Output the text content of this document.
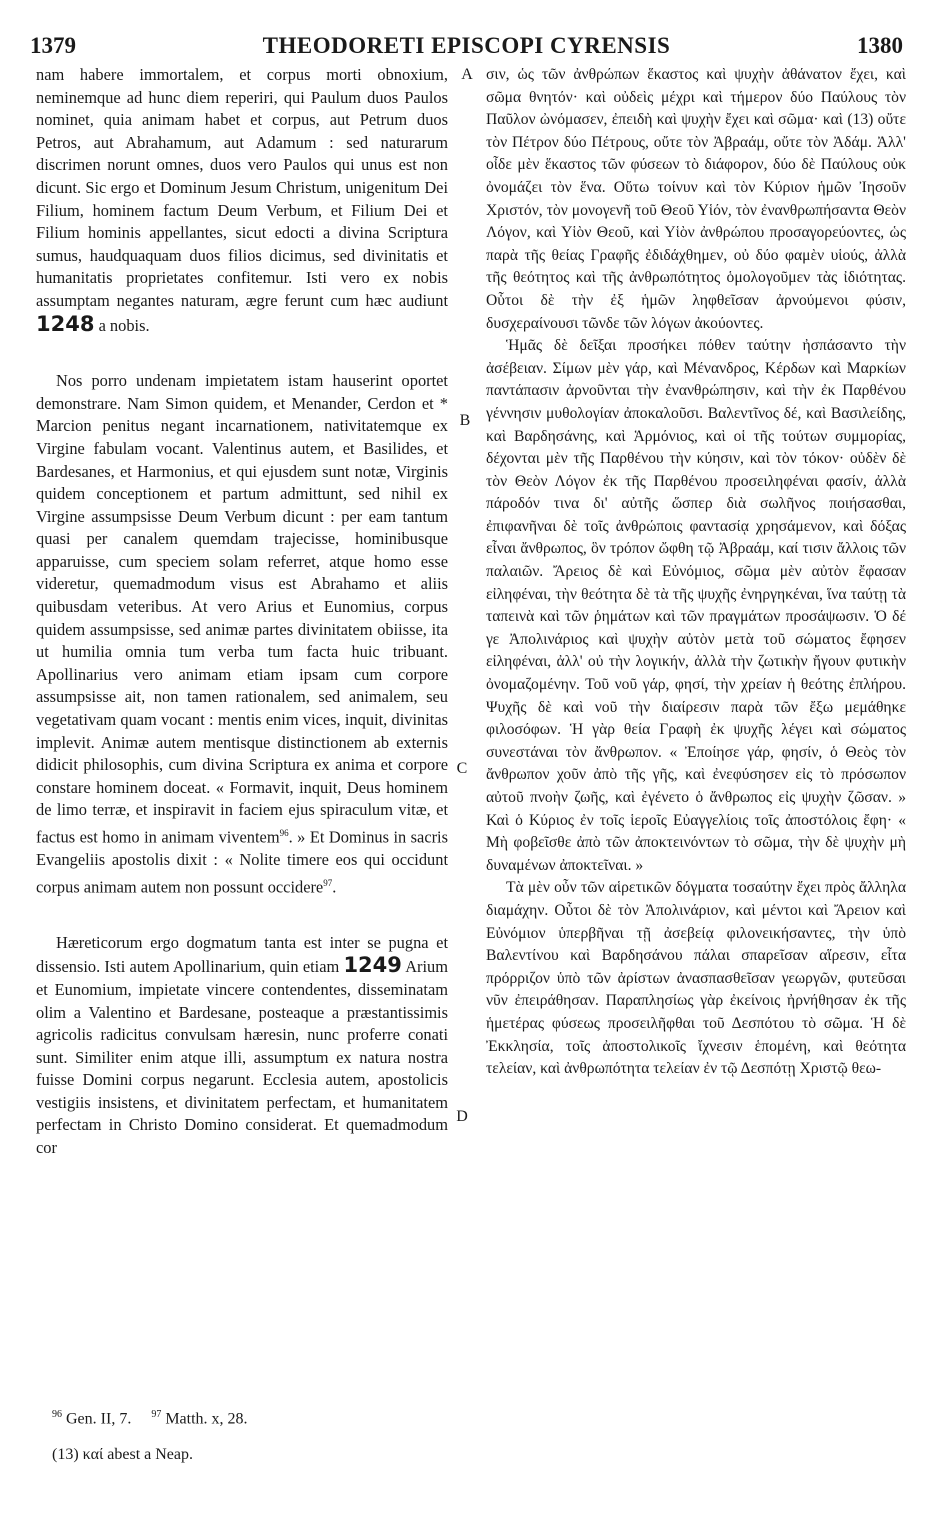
1379	THEODORETI EPISCOPI CYRENSIS	1380

nam habere immortalem, et corpus morti obnoxium, neminemque ad hunc diem reperiri, qui Paulum duos Paulos nominet, quia animam habet et corpus, aut Petrum duos Petros, aut Abrahamum, aut Adamum : sed naturarum discrimen norunt omnes, duos vero Paulos qui unus est non dicunt. Sic ergo et Dominum Jesum Christum, unigenitum Dei Filium, hominem factum Deum Verbum, et Filium Dei et Filium hominis appellantes, sicut edocti a divina Scriptura sumus, haudquaquam duos filios dicimus, sed divinitatis et humanitatis proprietates confitemur. Isti vero ex nobis assumptam negantes naturam, ægre ferunt cum hæc audiunt 1248 a nobis.

Nos porro undenam impietatem istam hauserint oportet demonstrare. Nam Simon quidem, et Menander, Cerdon et * Marcion penitus negant incarnationem, nativitatemque ex Virgine fabulam vocant. Valentinus autem, et Basilides, et Bardesanes, et Harmonius, et qui ejusdem sunt notæ, Virginis quidem conceptionem et partum admittunt, sed nihil ex Virgine assumpsisse Deum Verbum dicunt : per eam tantum quasi per canalem quemdam trajecisse, hominibusque apparuisse, cum speciem solam referret, atque homo esse videretur, quemadmodum visus est Abrahamo et aliis quibusdam veteribus. At vero Arius et Eunomius, corpus quidem assumpsisse, sed animæ partes divinitatem obiisse, ita ut humilia omnia tum verba tum facta huic tribuant. Apollinarius vero animam etiam ipsam cum corpore assumpsisse ait, non tamen rationalem, sed animalem, seu vegetativam quam vocant : mentis enim vices, inquit, divinitas implevit. Animæ autem mentisque distinctionem ab externis didicit philosophis, cum divina Scriptura ex anima et corpore constare hominem doceat. « Formavit, inquit, Deus hominem de limo terræ, et inspiravit in faciem ejus spiraculum vitæ, et factus est homo in animam viventem$^{96}$. » Et Dominus in sacris Evangeliis apostolis dixit : « Nolite timere eos qui occidunt corpus animam autem non possunt occidere$^{97}$.

Hæreticorum ergo dogmatum tanta est inter se pugna et dissensio. Isti autem Apollinarium, quin etiam 1249 Arium et Eunomium, impietate vincere contendentes, disseminatam olim a Valentino et Bardesane, posteaque a præstantissimis agricolis radicitus convulsam hæresin, nunc proferre conati sunt. Similiter enim atque illi, assumptum ex natura nostra fuisse Domini corpus negarunt. Ecclesia autem, apostolicis vestigiis insistens, et divinitatem perfectam, et humanitatem perfectam in Christo Domino considerat. Et quemadmodum cor

σιν, ὡς τῶν ἀνθρώπων ἕκαστος καὶ ψυχὴν ἀθάνατον ἔχει, καὶ σῶμα θνητόν· καὶ οὐδεὶς μέχρι καὶ τήμερον δύο Παύλους τὸν Παῦλον ὠνόμασεν, ἐπειδὴ καὶ ψυχὴν ἔχει καὶ σῶμα· καὶ (13) οὔτε τὸν Πέτρον δύο Πέτρους, οὔτε τὸν Ἀβραάμ, οὔτε τὸν Ἀδάμ. Ἀλλ' οἶδε μὲν ἕκαστος τῶν φύσεων τὸ διάφορον, δύο δὲ Παύλους οὐκ ὀνομάζει τὸν ἕνα. Οὕτω τοίνυν καὶ τὸν Κύριον ἡμῶν Ἰησοῦν Χριστόν, τὸν μονογενῆ τοῦ Θεοῦ Υἱόν, τὸν ἐνανθρωπήσαντα Θεὸν Λόγον, καὶ Υἱὸν Θεοῦ, καὶ Υἱὸν ἀνθρώπου προσαγορεύοντες, ὡς παρὰ τῆς θείας Γραφῆς ἐδιδάχθημεν, οὐ δύο φαμὲν υἱούς, ἀλλὰ τῆς θεότητος καὶ τῆς ἀνθρωπότητος ὁμολογοῦμεν τὰς ἰδιότητας. Οὗτοι δὲ τὴν ἐξ ἡμῶν ληφθεῖσαν ἀρνούμενοι φύσιν, δυσχεραίνουσι τῶνδε τῶν λόγων ἀκούοντες.

Ἡμᾶς δὲ δεῖξαι προσήκει πόθεν ταύτην ἠσπάσαντο τὴν ἀσέβειαν. Σίμων μὲν γάρ, καὶ Μένανδρος, Κέρδων καὶ Μαρκίων παντάπασιν ἀρνοῦνται τὴν ἐνανθρώπησιν, καὶ τὴν ἐκ Παρθένου γέννησιν μυθολογίαν ἀποκαλοῦσι. Βαλεντῖνος δέ, καὶ Βασιλείδης, καὶ Βαρδησάνης, καὶ Ἁρμόνιος, καὶ οἱ τῆς τούτων συμμορίας, δέχονται μὲν τῆς Παρθένου τὴν κύησιν, καὶ τὸν τόκον· οὐδὲν δὲ τὸν Θεὸν Λόγον ἐκ τῆς Παρθένου προσειληφέναι φασίν, ἀλλὰ πάροδόν τινα δι' αὐτῆς ὥσπερ διὰ σωλῆνος ποιήσασθαι, ἐπιφανῆναι δὲ τοῖς ἀνθρώποις φαντασίᾳ χρησάμενον, καὶ δόξας εἶναι ἄνθρωπος, ὃν τρόπον ὤφθη τῷ Ἀβραάμ, καί τισιν ἄλλοις τῶν παλαιῶν. Ἄρειος δὲ καὶ Εὐνόμιος, σῶμα μὲν αὐτὸν ἔφασαν εἰληφέναι, τὴν θεότητα δὲ τὰ τῆς ψυχῆς ἐνηργηκέναι, ἵνα ταύτῃ τὰ ταπεινὰ καὶ τῶν ῥημάτων καὶ τῶν πραγμάτων προσάψωσιν. Ὁ δέ γε Ἀπολινάριος καὶ ψυχὴν αὐτὸν μετὰ τοῦ σώματος ἔφησεν εἰληφέναι, ἀλλ' οὐ τὴν λογικήν, ἀλλὰ τὴν ζωτικὴν ἤγουν φυτικὴν ὀνομαζομένην. Τοῦ νοῦ γάρ, φησί, τὴν χρείαν ἡ θεότης ἐπλήρου. Ψυχῆς δὲ καὶ νοῦ τὴν διαίρεσιν παρὰ τῶν ἔξω μεμάθηκε φιλοσόφων. Ἡ γὰρ θεία Γραφὴ ἐκ ψυχῆς λέγει καὶ σώματος συνεστάναι τὸν ἄνθρωπον. « Ἐποίησε γάρ, φησίν, ὁ Θεὸς τὸν ἄνθρωπον χοῦν ἀπὸ τῆς γῆς, καὶ ἐνεφύσησεν εἰς τὸ πρόσωπον αὐτοῦ πνοὴν ζωῆς, καὶ ἐγένετο ὁ ἄνθρωπος εἰς ψυχὴν ζῶσαν. » Καὶ ὁ Κύριος ἐν τοῖς ἱεροῖς Εὐαγγελίοις τοῖς ἀποστόλοις ἔφη· « Μὴ φοβεῖσθε ἀπὸ τῶν ἀποκτεινόντων τὸ σῶμα, τὴν δὲ ψυχὴν μὴ δυναμένων ἀποκτεῖναι. »

Τὰ μὲν οὖν τῶν αἱρετικῶν δόγματα τοσαύτην ἔχει πρὸς ἄλληλα διαμάχην. Οὗτοι δὲ τὸν Ἀπολινάριον, καὶ μέντοι καὶ Ἄρειον καὶ Εὐνόμιον ὑπερβῆναι τῇ ἀσεβείᾳ φιλονεικήσαντες, τὴν ὑπὸ Βαλεντίνου καὶ Βαρδησάνου πάλαι σπαρεῖσαν αἵρεσιν, εἶτα πρόρριζον ὑπὸ τῶν ἀρίστων ἀνασπασθεῖσαν γεωργῶν, φυτεῦσαι νῦν ἐπειράθησαν. Παραπλησίως γὰρ ἐκείνοις ἠρνήθησαν ἐκ τῆς ἡμετέρας φύσεως προσειλῆφθαι τοῦ Δεσπότου τὸ σῶμα. Ἡ δὲ Ἐκκλησία, τοῖς ἀποστολικοῖς ἴχνεσιν ἑπομένη, καὶ θεότητα τελείαν, καὶ ἀνθρωπότητα τελείαν ἐν τῷ Δεσπότῃ Χριστῷ θεω-

A
B
C
D
$^{96}$ Gen. II, 7. $^{97}$ Matth. x, 28.
(13) καί abest a Neap.
